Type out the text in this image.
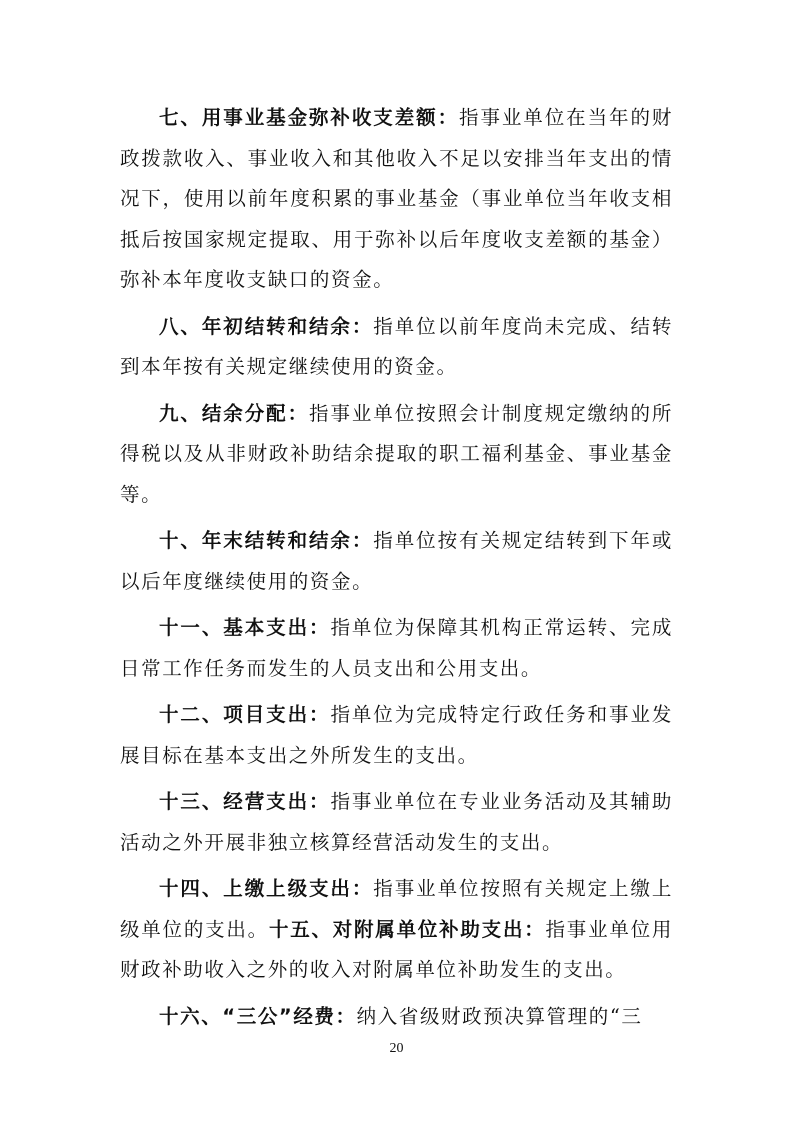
七、用事业基金弥补收支差额：指事业单位在当年的财政拨款收入、事业收入和其他收入不足以安排当年支出的情况下，使用以前年度积累的事业基金（事业单位当年收支相抵后按国家规定提取、用于弥补以后年度收支差额的基金）弥补本年度收支缺口的资金。

八、年初结转和结余：指单位以前年度尚未完成、结转到本年按有关规定继续使用的资金。

九、结余分配：指事业单位按照会计制度规定缴纳的所得税以及从非财政补助结余提取的职工福利基金、事业基金等。

十、年末结转和结余：指单位按有关规定结转到下年或以后年度继续使用的资金。

十一、基本支出：指单位为保障其机构正常运转、完成日常工作任务而发生的人员支出和公用支出。

十二、项目支出：指单位为完成特定行政任务和事业发展目标在基本支出之外所发生的支出。

十三、经营支出：指事业单位在专业业务活动及其辅助活动之外开展非独立核算经营活动发生的支出。

十四、上缴上级支出：指事业单位按照有关规定上缴上级单位的支出。十五、对附属单位补助支出：指事业单位用财政补助收入之外的收入对附属单位补助发生的支出。

十六、“三公”经费：纳入省级财政预决算管理的“三

20
